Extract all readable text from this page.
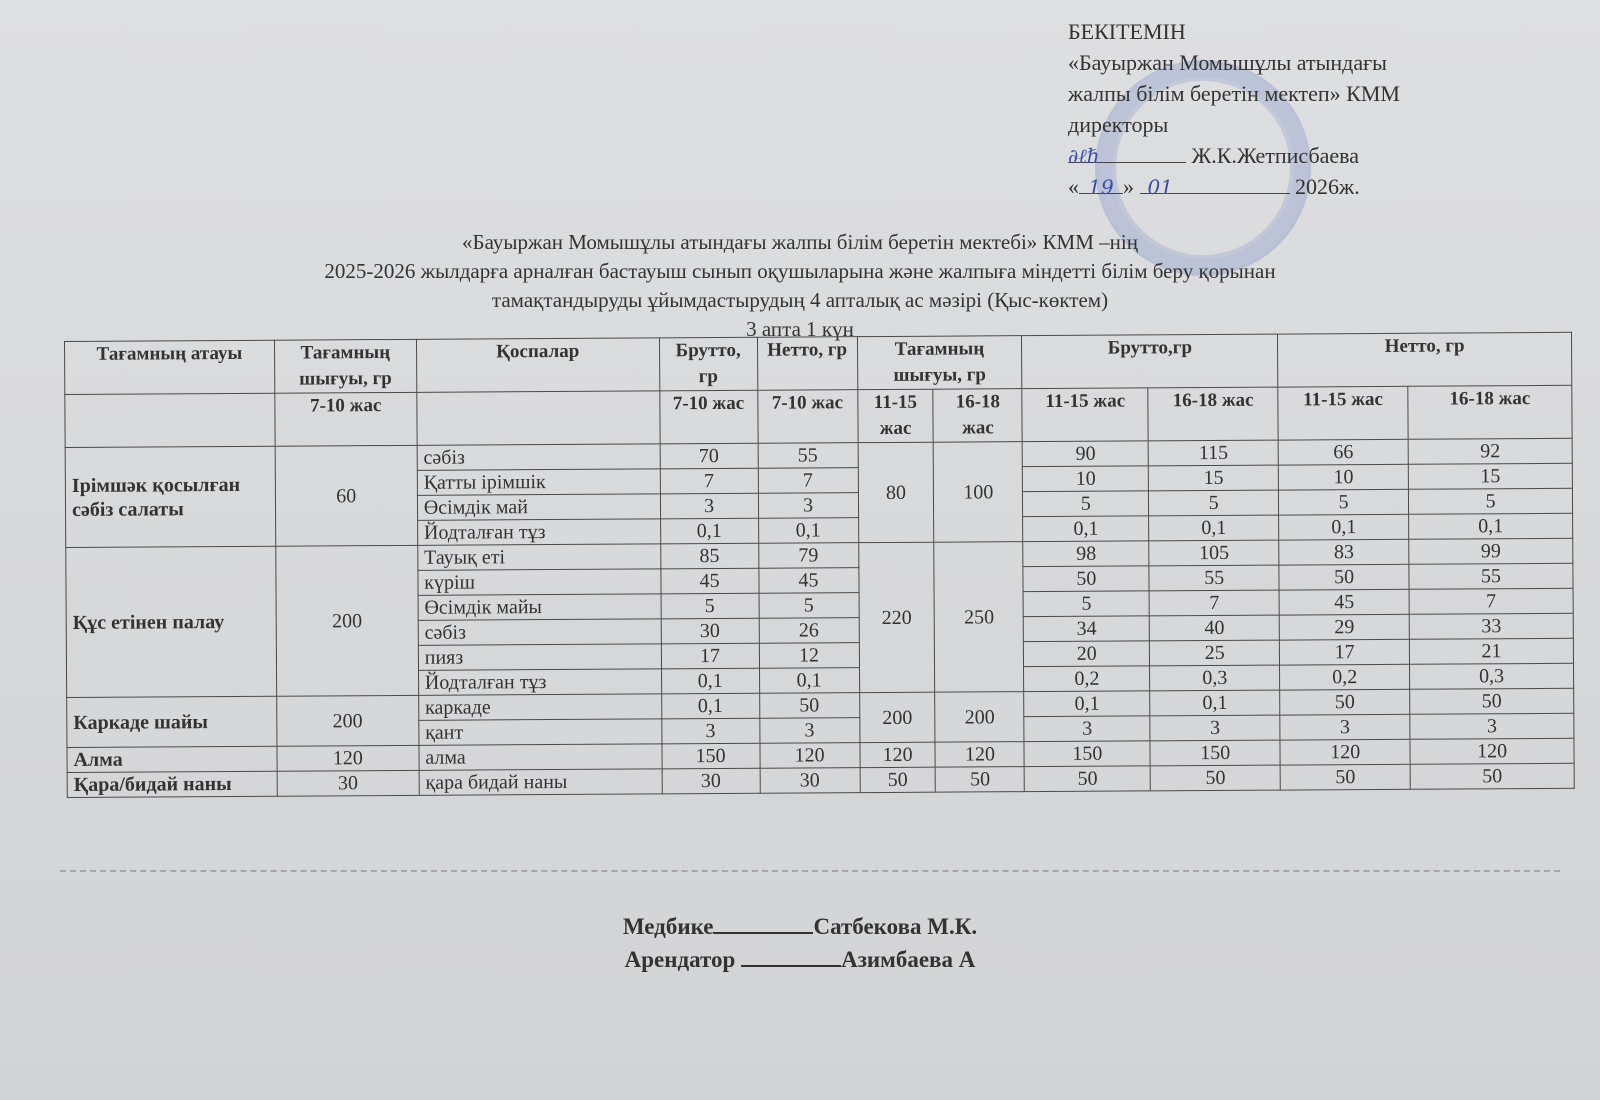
БЕКІТЕМІН
«Бауыржан Момышұлы атындағы
жалпы білім беретін мектеп» КММ
директоры
∂ℓℏ	Ж.К.Жетписбаева
« 19 » 01	2026ж.
«Бауыржан Момышұлы атындағы жалпы білім беретін мектебі» КММ –нің
2025-2026 жылдарға арналған бастауыш сынып оқушыларына және жалпыға міндетті білім беру қорынан
тамақтандыруды ұйымдастырудың 4 апталық ас мәзірі (Қыс-көктем)
3 апта 1 күн
Тағамның атауы	Тағамның шығуы, гр	Қоспалар	Брутто, гр	Нетто, гр	Тағамның шығуы, гр		Брутто,гр		Нетто, гр	
	7-10 жас		7-10 жас	7-10 жас	11-15 жас	16-18 жас	11-15 жас	16-18 жас	11-15 жас	16-18 жас
Ірімшәк қосылған сәбіз салаты	60	сәбіз	70	55	80	100	90	115	66	92
		Қатты ірімшік	7	7			10	15	10	15
		Өсімдік май	3	3			5	5	5	5
		Йодталған тұз	0,1	0,1			0,1	0,1	0,1	0,1
Құс етінен палау	200	Тауық еті	85	79	220	250	98	105	83	99
		күріш	45	45			50	55	50	55
		Өсімдік майы	5	5			5	7	45	7
		сәбіз	30	26			34	40	29	33
		пияз	17	12			20	25	17	21
		Йодталған тұз	0,1	0,1			0,2	0,3	0,2	0,3
Каркаде шайы	200	каркаде	0,1	50	200	200	0,1	0,1	50	50
		қант	3	3			3	3	3	3
Алма	120	алма	150	120	120	120	150	150	120	120
Қара/бидай наны	30	қара бидай наны	30	30	50	50	50	50	50	50
Медбике	Сатбекова М.К.
Арендатор	Азимбаева А
